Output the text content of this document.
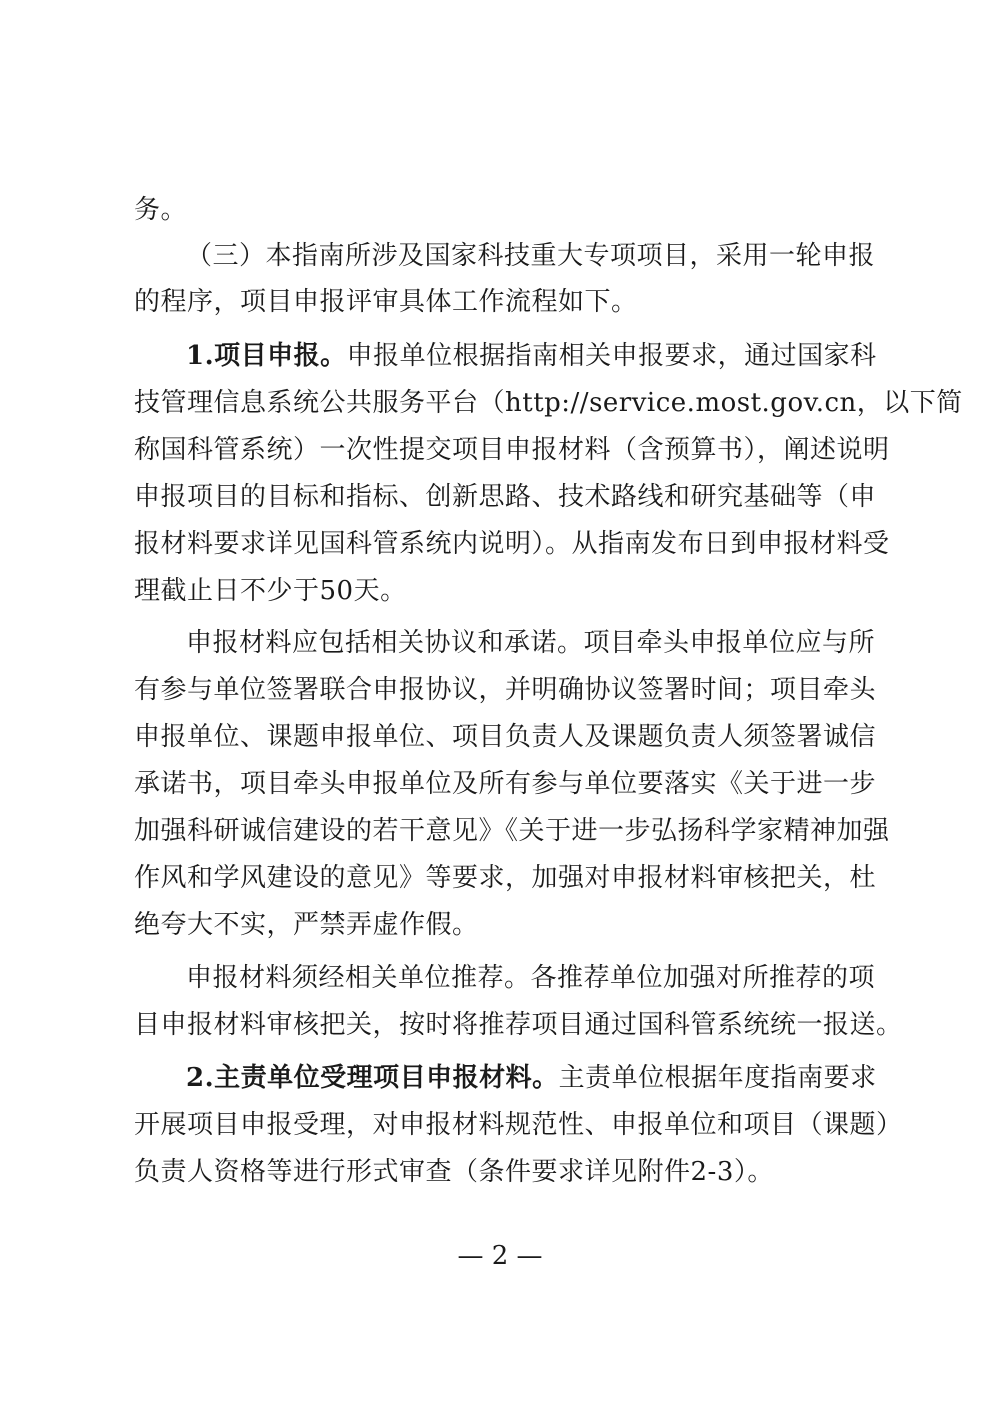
务。
（三）本指南所涉及国家科技重大专项项目，采用一轮申报
的程序，项目申报评审具体工作流程如下。
1.项目申报。申报单位根据指南相关申报要求，通过国家科
技管理信息系统公共服务平台（http://service.most.gov.cn，以下简
称国科管系统）一次性提交项目申报材料（含预算书），阐述说明
申报项目的目标和指标、创新思路、技术路线和研究基础等（申
报材料要求详见国科管系统内说明）。从指南发布日到申报材料受
理截止日不少于50天。
申报材料应包括相关协议和承诺。项目牵头申报单位应与所
有参与单位签署联合申报协议，并明确协议签署时间；项目牵头
申报单位、课题申报单位、项目负责人及课题负责人须签署诚信
承诺书，项目牵头申报单位及所有参与单位要落实《关于进一步
加强科研诚信建设的若干意见》《关于进一步弘扬科学家精神加强
作风和学风建设的意见》等要求，加强对申报材料审核把关，杜
绝夸大不实，严禁弄虚作假。
申报材料须经相关单位推荐。各推荐单位加强对所推荐的项
目申报材料审核把关，按时将推荐项目通过国科管系统统一报送。
2.主责单位受理项目申报材料。主责单位根据年度指南要求
开展项目申报受理，对申报材料规范性、申报单位和项目（课题）
负责人资格等进行形式审查（条件要求详见附件2-3）。
— 2 —
